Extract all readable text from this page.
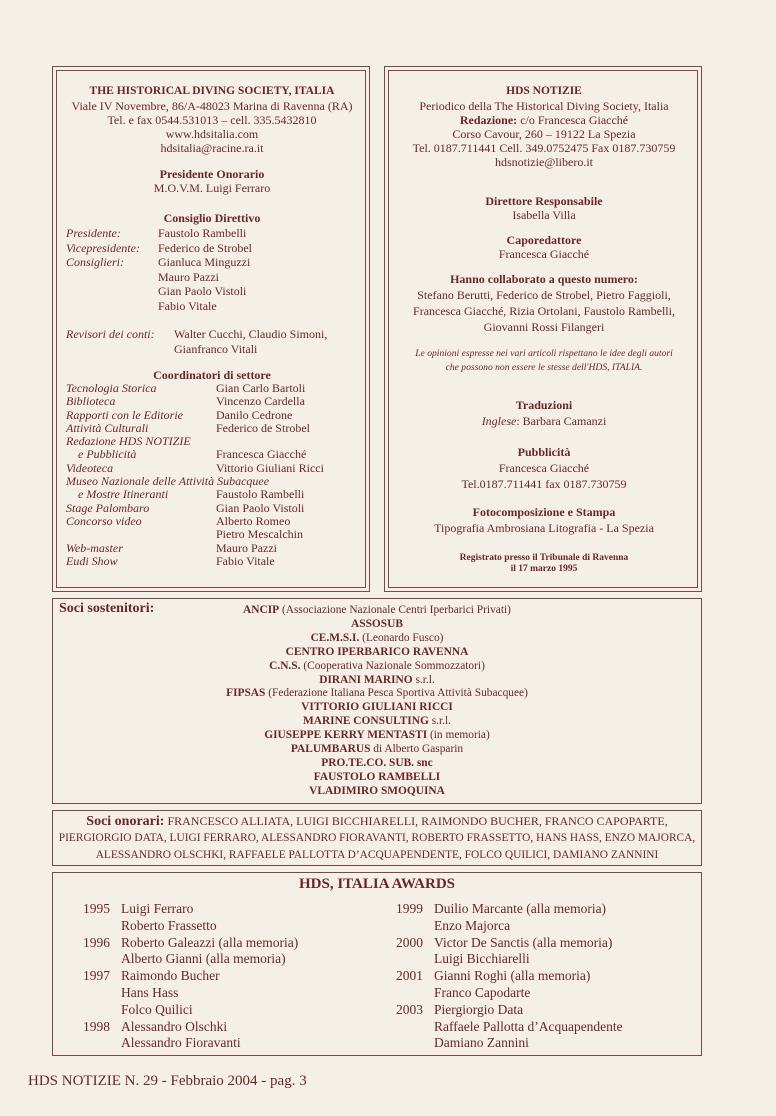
THE HISTORICAL DIVING SOCIETY, ITALIA
Viale IV Novembre, 86/A-48023 Marina di Ravenna (RA)
Tel. e fax 0544.531013 – cell. 335.5432810
www.hdsitalia.com
hdsitalia@racine.ra.it
Presidente Onorario
M.O.V.M. Luigi Ferraro
Consiglio Direttivo
Presidente:	Faustolo Rambelli
Vicepresidente:	Federico de Strobel
Consiglieri:	Gianluca Minguzzi
Mauro Pazzi
Gian Paolo Vistoli
Fabio Vitale
Revisori dei conti:	Walter Cucchi, Claudio Simoni,
Gianfranco Vitali
Coordinatori di settore
Tecnologia Storica	Gian Carlo Bartoli
Biblioteca	Vincenzo Cardella
Rapporti con le Editorie	Danilo Cedrone
Attività Culturali	Federico de Strobel
Redazione HDS NOTIZIE
e Pubblicità	Francesca Giacché
Videoteca	Vittorio Giuliani Ricci
Museo Nazionale delle Attività Subacquee
e Mostre Itineranti	Faustolo Rambelli
Stage Palombaro	Gian Paolo Vistoli
Concorso video	Alberto Romeo
Pietro Mescalchin
Web-master	Mauro Pazzi
Eudi Show	Fabio Vitale
HDS NOTIZIE
Periodico della The Historical Diving Society, Italia
Redazione: c/o Francesca Giacché
Corso Cavour, 260 – 19122 La Spezia
Tel. 0187.711441 Cell. 349.0752475 Fax 0187.730759
hdsnotizie@libero.it
Direttore Responsabile
Isabella Villa
Caporedattore
Francesca Giacché
Hanno collaborato a questo numero:
Stefano Berutti, Federico de Strobel, Pietro Faggioli,
Francesca Giacché, Rizia Ortolani, Faustolo Rambelli,
Giovanni Rossi Filangeri
Le opinioni espresse nei vari articoli rispettano le idee degli autori
che possono non essere le stesse dell'HDS, ITALIA.
Traduzioni
Inglese: Barbara Camanzi
Pubblicità
Francesca Giacché
Tel.0187.711441 fax 0187.730759
Fotocomposizione e Stampa
Tipografia Ambrosiana Litografia - La Spezia
Registrato presso il Tribunale di Ravenna
il 17 marzo 1995
Soci sostenitori:	ANCIP (Associazione Nazionale Centri Iperbarici Privati)
ASSOSUB
CE.M.S.I. (Leonardo Fusco)
CENTRO IPERBARICO RAVENNA
C.N.S. (Cooperativa Nazionale Sommozzatori)
DIRANI MARINO s.r.l.
FIPSAS (Federazione Italiana Pesca Sportiva Attività Subacquee)
VITTORIO GIULIANI RICCI
MARINE CONSULTING s.r.l.
GIUSEPPE KERRY MENTASTI (in memoria)
PALUMBARUS di Alberto Gasparin
PRO.TE.CO. SUB. snc
FAUSTOLO RAMBELLI
VLADIMIRO SMOQUINA
Soci onorari: FRANCESCO ALLIATA, LUIGI BICCHIARELLI, RAIMONDO BUCHER, FRANCO CAPOPARTE,
PIERGIORGIO DATA, LUIGI FERRARO, ALESSANDRO FIORAVANTI, ROBERTO FRASSETTO, HANS HASS, ENZO MAJORCA,
ALESSANDRO OLSCHKI, RAFFAELE PALLOTTA D’ACQUAPENDENTE, FOLCO QUILICI, DAMIANO ZANNINI
HDS, ITALIA AWARDS
1995 Luigi Ferraro
Roberto Frassetto
1996 Roberto Galeazzi (alla memoria)
Alberto Gianni (alla memoria)
1997 Raimondo Bucher
Hans Hass
Folco Quilici
1998 Alessandro Olschki
Alessandro Fioravanti
1999 Duilio Marcante (alla memoria)
Enzo Majorca
2000 Victor De Sanctis (alla memoria)
Luigi Bicchiarelli
2001 Gianni Roghi (alla memoria)
Franco Capodarte
2003 Piergiorgio Data
Raffaele Pallotta d’Acquapendente
Damiano Zannini
HDS NOTIZIE N. 29 - Febbraio 2004 - pag. 3
